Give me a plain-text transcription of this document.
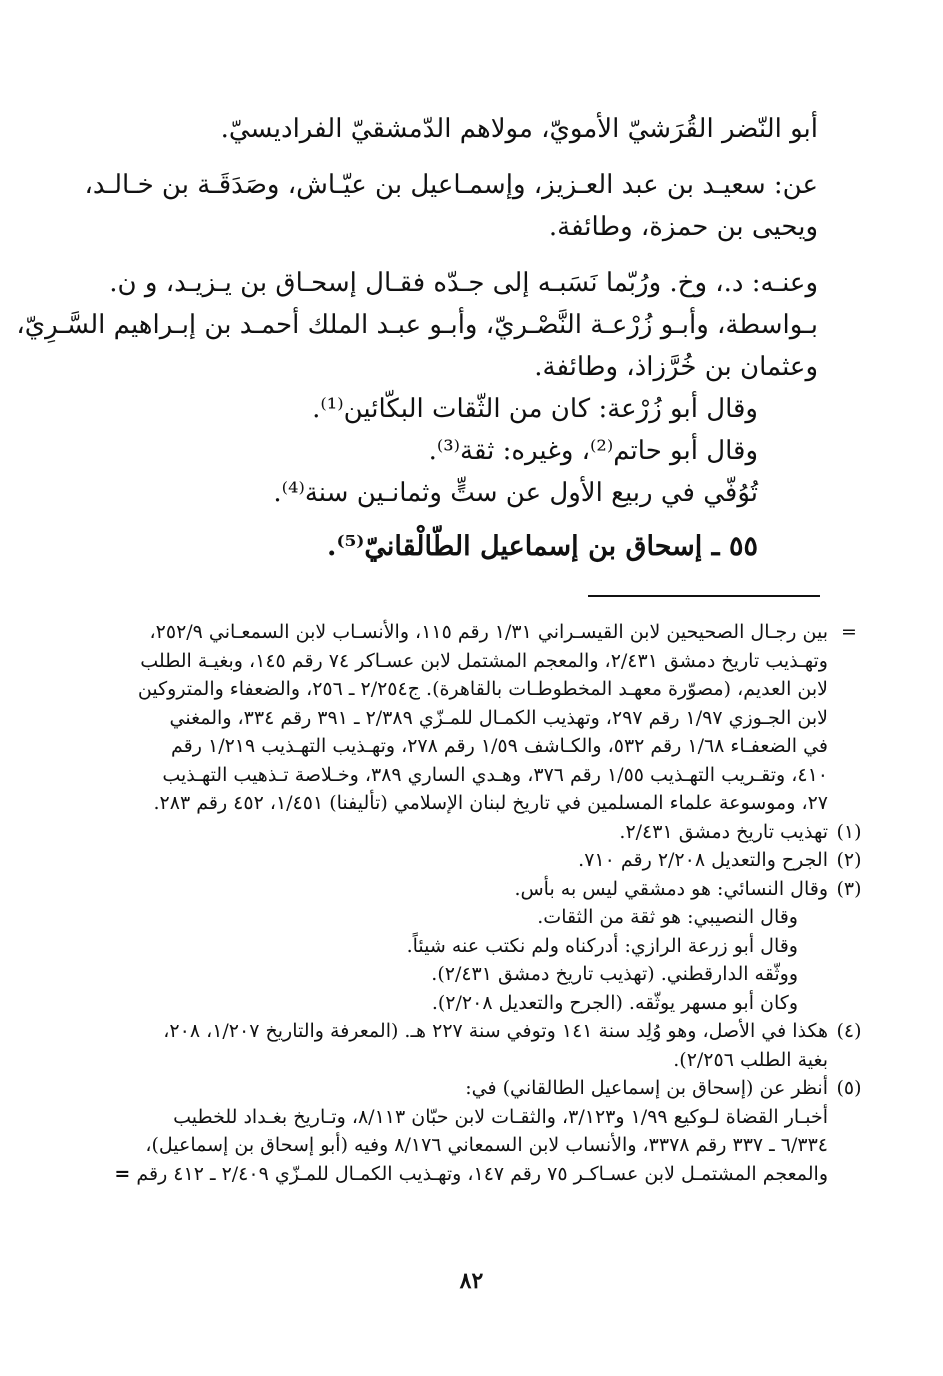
أبو النّضر القُرَشيّ الأمويّ، مولاهم الدّمشقيّ الفراديسيّ.
عن: سعيـد بن عبد العـزيز، وإسمـاعيل بن عيّـاش، وصَدَقَـة بن خـالـد،
ويحيى بن حمزة، وطائفة.
وعنـه: د.، وخ. ورُبّما نَسَبـه إلى جـدّه فقـال إسحـاق بن يـزيـد، و ن.
بـواسطة، وأبـو زُرْعـة النَّصْـريّ، وأبـو عبـد الملك أحمـد بن إبـراهيم السَّـرِيّ،
وعثمان بن خُرَّزاذ، وطائفة.
وقال أبو زُرْعة: كان من الثّقات البكّائين⁽¹⁾.
وقال أبو حاتم⁽²⁾، وغيره: ثقة⁽³⁾.
تُوُفّي في ربيع الأول عن ستٍّ وثمانـين سنة⁽⁴⁾.
٥٥ ـ إسحاق بن إسماعيل الطّالْقانيّ⁽⁵⁾.
=
بين رجـال الصحيحين لابن القيسـراني ١/٣١ رقم ١١٥، والأنسـاب لابن السمعـاني ٢٥٢/٩،
وتهـذيب تاريخ دمشق ٢/٤٣١، والمعجم المشتمل لابن عسـاكر ٧٤ رقم ١٤٥، وبغيـة الطلب
لابن العديم، (مصوّرة معهـد المخطوطـات بالقاهرة). ج٢/٢٥٤ ـ ٢٥٦، والضعفاء والمتروكين
لابن الجـوزي ١/٩٧ رقم ٢٩٧، وتهذيب الكمـال للمـزّي ٢/٣٨٩ ـ ٣٩١ رقم ٣٣٤، والمغني
في الضعفـاء ١/٦٨ رقم ٥٣٢، والكـاشف ١/٥٩ رقم ٢٧٨، وتهـذيب التهـذيب ١/٢١٩ رقم
٤١٠، وتقـريب التهـذيب ١/٥٥ رقم ٣٧٦، وهـدي الساري ٣٨٩، وخـلاصة تـذهيب التهـذيب
٢٧، وموسوعة علماء المسلمين في تاريخ لبنان الإسلامي (تأليفنا) ١/٤٥١، ٤٥٢ رقم ٢٨٣.
(١)
تهذيب تاريخ دمشق ٢/٤٣١.
(٢)
الجرح والتعديل ٢/٢٠٨ رقم ٧١٠.
(٣)
وقال النسائي: هو دمشقي ليس به بأس.
وقال النصيبي: هو ثقة من الثقات.
وقال أبو زرعة الرازي: أدركناه ولم نكتب عنه شيئاً.
ووثّقه الدارقطني. (تهذيب تاريخ دمشق ٢/٤٣١).
وكان أبو مسهر يوثّقه. (الجرح والتعديل ٢/٢٠٨).
(٤)
هكذا في الأصل، وهو وُلِد سنة ١٤١ وتوفي سنة ٢٢٧ هـ. (المعرفة والتاريخ ١/٢٠٧، ٢٠٨،
بغية الطلب ٢/٢٥٦).
(٥)
أنظر عن (إسحاق بن إسماعيل الطالقاني) في:
أخبـار القضاة لـوكيع ١/٩٩ و٣/١٢٣، والثقـات لابن حبّان ٨/١١٣، وتـاريخ بغـداد للخطيب
٦/٣٣٤ ـ ٣٣٧ رقم ٣٣٧٨، والأنساب لابن السمعاني ٨/١٧٦ وفيه (أبو إسحاق بن إسماعيل)،
والمعجم المشتمـل لابن عسـاكـر ٧٥ رقم ١٤٧، وتهـذيب الكمـال للمـزّي ٢/٤٠٩ ـ ٤١٢ رقم =
٨٢
